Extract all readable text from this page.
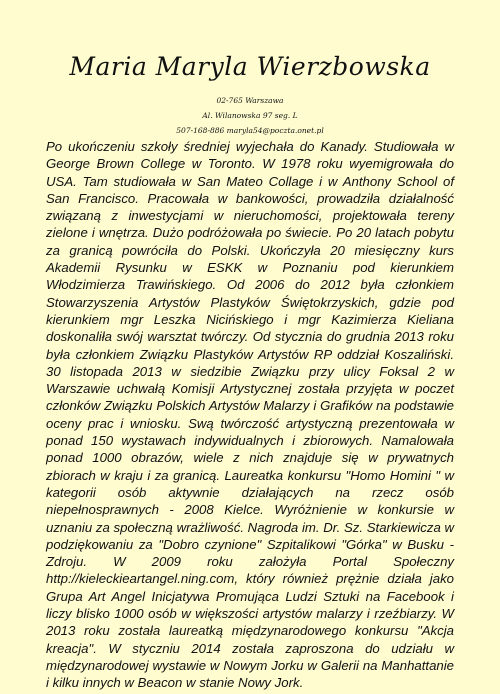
Maria Maryla Wierzbowska
02-765 Warszawa
Al. Wilanowska 97 seg. L
507-168-886 maryla54@poczta.onet.pl

Po ukończeniu szkoły średniej wyjechała do Kanady. Studiowała w George Brown College w Toronto. W 1978 roku wyemigrowała do USA. Tam studiowała w San Mateo Collage i w Anthony School of San Francisco. Pracowała w bankowości, prowadziła działalność związaną z inwestycjami w nieruchomości, projektowała tereny zielone i wnętrza. Dużo podróżowała po świecie. Po 20 latach pobytu za granicą powróciła do Polski. Ukończyła 20 miesięczny kurs Akademii Rysunku w ESKK w Poznaniu pod kierunkiem Włodzimierza Trawińskiego. Od 2006 do 2012 była członkiem Stowarzyszenia Artystów Plastyków Świętokrzyskich, gdzie pod kierunkiem mgr Leszka Nicińskiego i mgr Kazimierza Kieliana doskonaliła swój warsztat twórczy. Od stycznia do grudnia 2013 roku była członkiem Związku Plastyków Artystów RP oddział Koszaliński. 30 listopada 2013 w siedzibie Związku przy ulicy Foksal 2 w Warszawie uchwałą Komisji Artystycznej została przyjęta w poczet członków Związku Polskich Artystów Malarzy i Grafików na podstawie oceny prac i wniosku. Swą twórczość artystyczną prezentowała w ponad 150 wystawach indywidualnych i zbiorowych. Namalowała ponad 1000 obrazów, wiele z nich znajduje się w prywatnych zbiorach w kraju i za granicą. Laureatka konkursu "Homo Homini " w kategorii osób aktywnie działających na rzecz osób niepełnosprawnych - 2008 Kielce. Wyróżnienie w konkursie w uznaniu za społeczną wrażliwość. Nagroda im. Dr. Sz. Starkiewicza w podziękowaniu za "Dobro czynione" Szpitalikowi "Górka" w Busku - Zdroju. W 2009 roku założyła Portal Społeczny http://kieleckieartangel.ning.com, który również prężnie działa jako Grupa Art Angel Inicjatywa Promująca Ludzi Sztuki na Facebook i liczy blisko 1000 osób w większości artystów malarzy i rzeźbiarzy. W 2013 roku została laureatką międzynarodowego konkursu "Akcja kreacja". W styczniu 2014 została zaproszona do udziału w międzynarodowej wystawie w Nowym Jorku w Galerii na Manhattanie i kilku innych w Beacon w stanie Nowy Jork.
